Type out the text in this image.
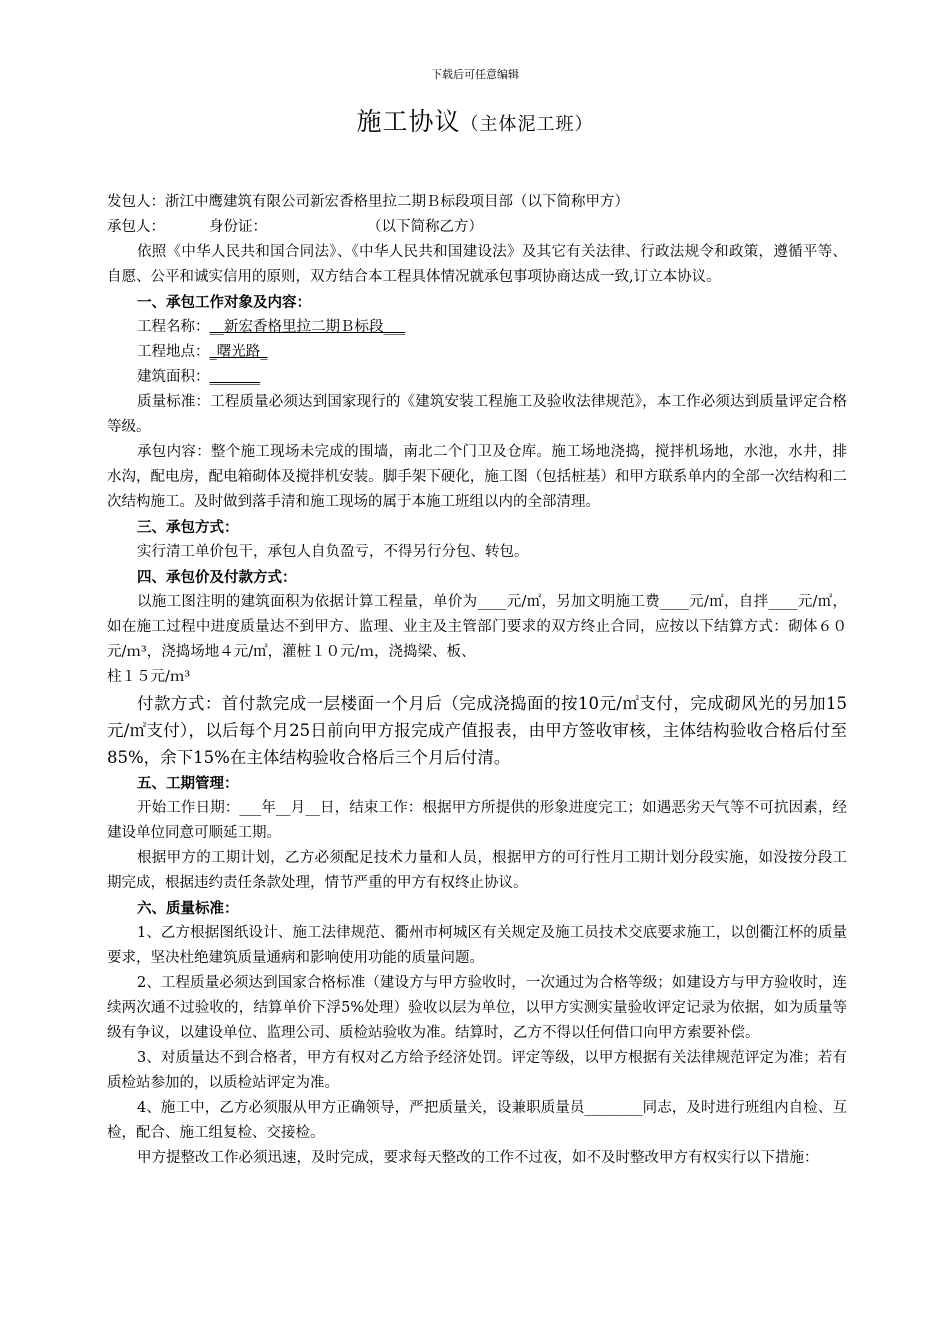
下载后可任意编辑
施工协议（主体泥工班）

发包人：浙江中鹰建筑有限公司新宏香格里拉二期Ｂ标段项目部（以下简称甲方）

承包人：	身份证：	（以下简称乙方）

依照《中华人民共和国合同法》、《中华人民共和国建设法》及其它有关法律、行政法规令和政策，遵循平等、自愿、公平和诚实信用的原则，双方结合本工程具体情况就承包事项协商达成一致,订立本协议。

一、承包工作对象及内容：

工程名称：__新宏香格里拉二期Ｂ标段___

工程地点：_曙光路_

建筑面积：_______

质量标准：工程质量必须达到国家现行的《建筑安装工程施工及验收法律规范》，本工作必须达到质量评定合格等级。

承包内容：整个施工现场未完成的围墙，南北二个门卫及仓库。施工场地浇捣，搅拌机场地，水池，水井，排水沟，配电房，配电箱砌体及搅拌机安装。脚手架下硬化，施工图（包括桩基）和甲方联系单内的全部一次结构和二次结构施工。及时做到落手清和施工现场的属于本施工班组以内的全部清理。

三、承包方式：

实行清工单价包干，承包人自负盈亏，不得另行分包、转包。

四、承包价及付款方式：

以施工图注明的建筑面积为依据计算工程量，单价为____元/㎡，另加文明施工费____元/㎡，自拌____元/㎡，如在施工过程中进度质量达不到甲方、监理、业主及主管部门要求的双方终止合同，应按以下结算方式：砌体６０元/ｍ³，浇捣场地４元/㎡，灌桩１０元/ｍ，浇捣梁、板、

柱１５元/ｍ³

付款方式：首付款完成一层楼面一个月后（完成浇捣面的按10元/㎡支付，完成砌风光的另加15元/㎡支付），以后每个月25日前向甲方报完成产值报表，由甲方签收审核，主体结构验收合格后付至85%，余下15%在主体结构验收合格后三个月后付清。

五、工期管理：

开始工作日期：___年__月__日，结束工作：根据甲方所提供的形象进度完工；如遇恶劣天气等不可抗因素，经建设单位同意可顺延工期。

根据甲方的工期计划，乙方必须配足技术力量和人员，根据甲方的可行性月工期计划分段实施，如没按分段工期完成，根据违约责任条款处理，情节严重的甲方有权终止协议。

六、质量标准：

1、乙方根据图纸设计、施工法律规范、衢州市柯城区有关规定及施工员技术交底要求施工，以创衢江杯的质量要求，坚决杜绝建筑质量通病和影响使用功能的质量问题。

2、工程质量必须达到国家合格标准（建设方与甲方验收时，一次通过为合格等级；如建设方与甲方验收时，连续两次通不过验收的，结算单价下浮5%处理）验收以层为单位，以甲方实测实量验收评定记录为依据，如为质量等级有争议，以建设单位、监理公司、质检站验收为准。结算时，乙方不得以任何借口向甲方索要补偿。

3、对质量达不到合格者，甲方有权对乙方给予经济处罚。评定等级，以甲方根据有关法律规范评定为准；若有质检站参加的，以质检站评定为准。

4、施工中，乙方必须服从甲方正确领导，严把质量关，设兼职质量员________同志，及时进行班组内自检、互检，配合、施工组复检、交接检。

甲方提整改工作必须迅速，及时完成，要求每天整改的工作不过夜，如不及时整改甲方有权实行以下措施：
